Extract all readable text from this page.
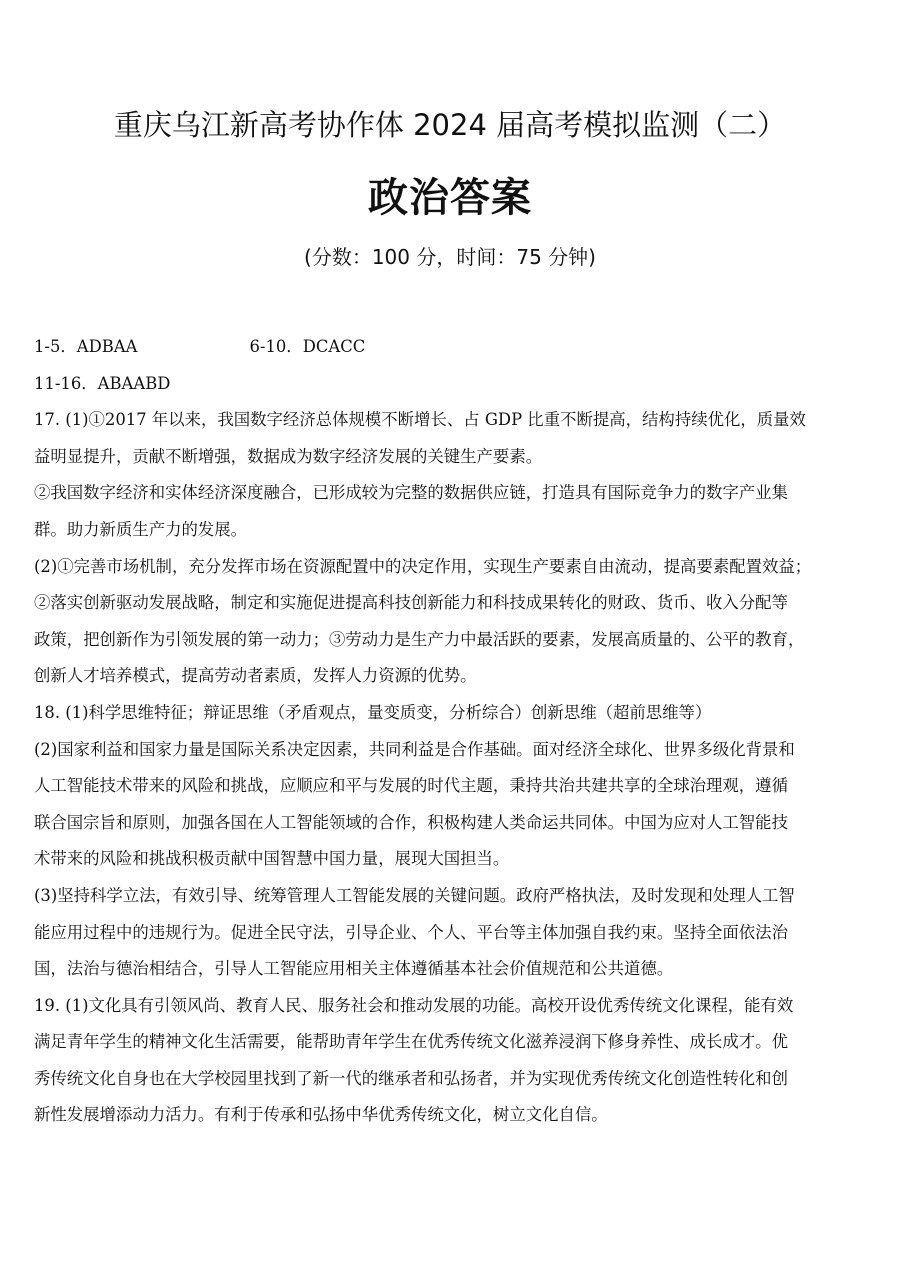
重庆乌江新高考协作体 2024 届高考模拟监测（二）
政治答案
(分数：100 分，时间：75 分钟)
1-5．ADBAA	6-10．DCACC
11-16．ABAABD
17. (1)①2017 年以来，我国数字经济总体规模不断增长、占 GDP 比重不断提高，结构持续优化，质量效
益明显提升，贡献不断增强，数据成为数字经济发展的关键生产要素。
②我国数字经济和实体经济深度融合，已形成较为完整的数据供应链，打造具有国际竞争力的数字产业集
群。助力新质生产力的发展。
(2)①完善市场机制，充分发挥市场在资源配置中的决定作用，实现生产要素自由流动，提高要素配置效益；
②落实创新驱动发展战略，制定和实施促进提高科技创新能力和科技成果转化的财政、货币、收入分配等
政策，把创新作为引领发展的第一动力；③劳动力是生产力中最活跃的要素，发展高质量的、公平的教育，
创新人才培养模式，提高劳动者素质，发挥人力资源的优势。
18. (1)科学思维特征；辩证思维（矛盾观点，量变质变，分析综合）创新思维（超前思维等）
(2)国家利益和国家力量是国际关系决定因素，共同利益是合作基础。面对经济全球化、世界多级化背景和
人工智能技术带来的风险和挑战，应顺应和平与发展的时代主题，秉持共治共建共享的全球治理观，遵循
联合国宗旨和原则，加强各国在人工智能领域的合作，积极构建人类命运共同体。中国为应对人工智能技
术带来的风险和挑战积极贡献中国智慧中国力量，展现大国担当。
(3)坚持科学立法，有效引导、统筹管理人工智能发展的关键问题。政府严格执法，及时发现和处理人工智
能应用过程中的违规行为。促进全民守法，引导企业、个人、平台等主体加强自我约束。坚持全面依法治
国，法治与德治相结合，引导人工智能应用相关主体遵循基本社会价值规范和公共道德。
19. (1)文化具有引领风尚、教育人民、服务社会和推动发展的功能。高校开设优秀传统文化课程，能有效
满足青年学生的精神文化生活需要，能帮助青年学生在优秀传统文化滋养浸润下修身养性、成长成才。优
秀传统文化自身也在大学校园里找到了新一代的继承者和弘扬者，并为实现优秀传统文化创造性转化和创
新性发展增添动力活力。有利于传承和弘扬中华优秀传统文化，树立文化自信。
